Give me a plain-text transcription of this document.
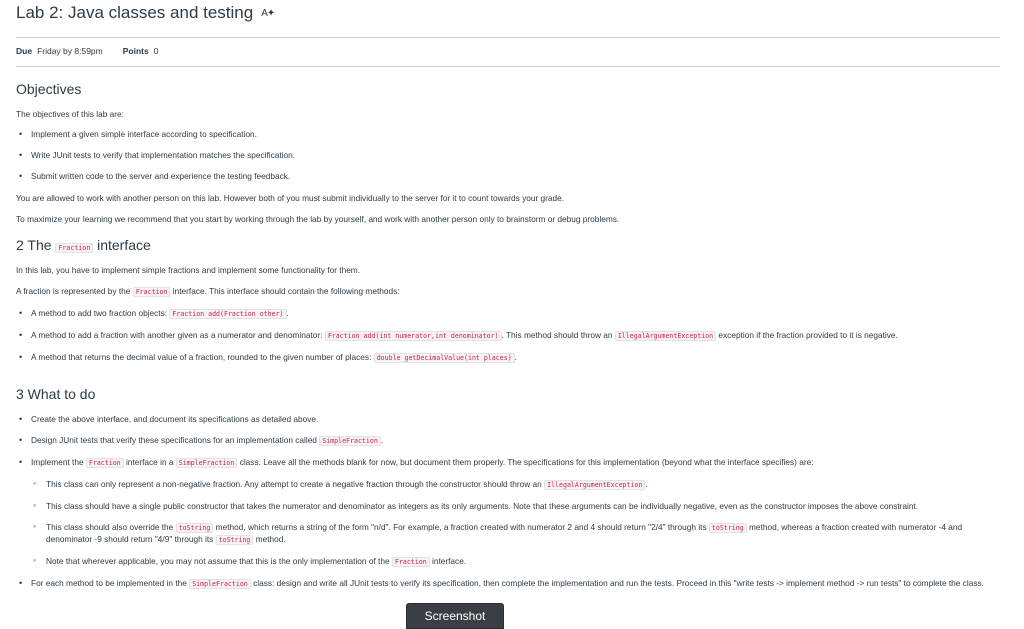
Lab 2: Java classes and testing A✦
Due Friday by 8:59pm Points 0
Objectives

The objectives of this lab are:

• Implement a given simple interface according to specification.
• Write JUnit tests to verify that implementation matches the specification.
• Submit written code to the server and experience the testing feedback.

You are allowed to work with another person on this lab. However both of you must submit individually to the server for it to count towards your grade.

To maximize your learning we recommend that you start by working through the lab by yourself, and work with another person only to brainstorm or debug problems.

2 The Fraction interface

In this lab, you have to implement simple fractions and implement some functionality for them.

A fraction is represented by the Fraction interface. This interface should contain the following methods:

• A method to add two fraction objects: Fraction add(Fraction other) .
• A method to add a fraction with another given as a numerator and denominator: Fraction add(int numerator,int denominator) . This method should throw an IllegalArgumentException exception if the fraction provided to it is negative.
• A method that returns the decimal value of a fraction, rounded to the given number of places: double getDecimalValue(int places) .
3 What to do
• Create the above interface, and document its specifications as detailed above.
• Design JUnit tests that verify these specifications for an implementation called SimpleFraction .
• Implement the Fraction interface in a SimpleFraction class. Leave all the methods blank for now, but document them properly. The specifications for this implementation (beyond what the interface specifies) are:
◦ This class can only represent a non-negative fraction. Any attempt to create a negative fraction through the constructor should throw an IllegalArgumentException .
◦ This class should have a single public constructor that takes the numerator and denominator as integers as its only arguments. Note that these arguments can be individually negative, even as the constructor imposes the above constraint.
◦ This class should also override the toString method, which returns a string of the form "n/d". For example, a fraction created with numerator 2 and 4 should return "2/4" through its toString method, whereas a fraction created with numerator -4 and denominator -9 should return "4/9" through its toString method.
◦ Note that wherever applicable, you may not assume that this is the only implementation of the Fraction interface.
• For each method to be implemented in the SimpleFraction class: design and write all JUnit tests to verify its specification, then complete the implementation and run the tests. Proceed in this "write tests -> implement method -> run tests" to complete the class.
Screenshot
